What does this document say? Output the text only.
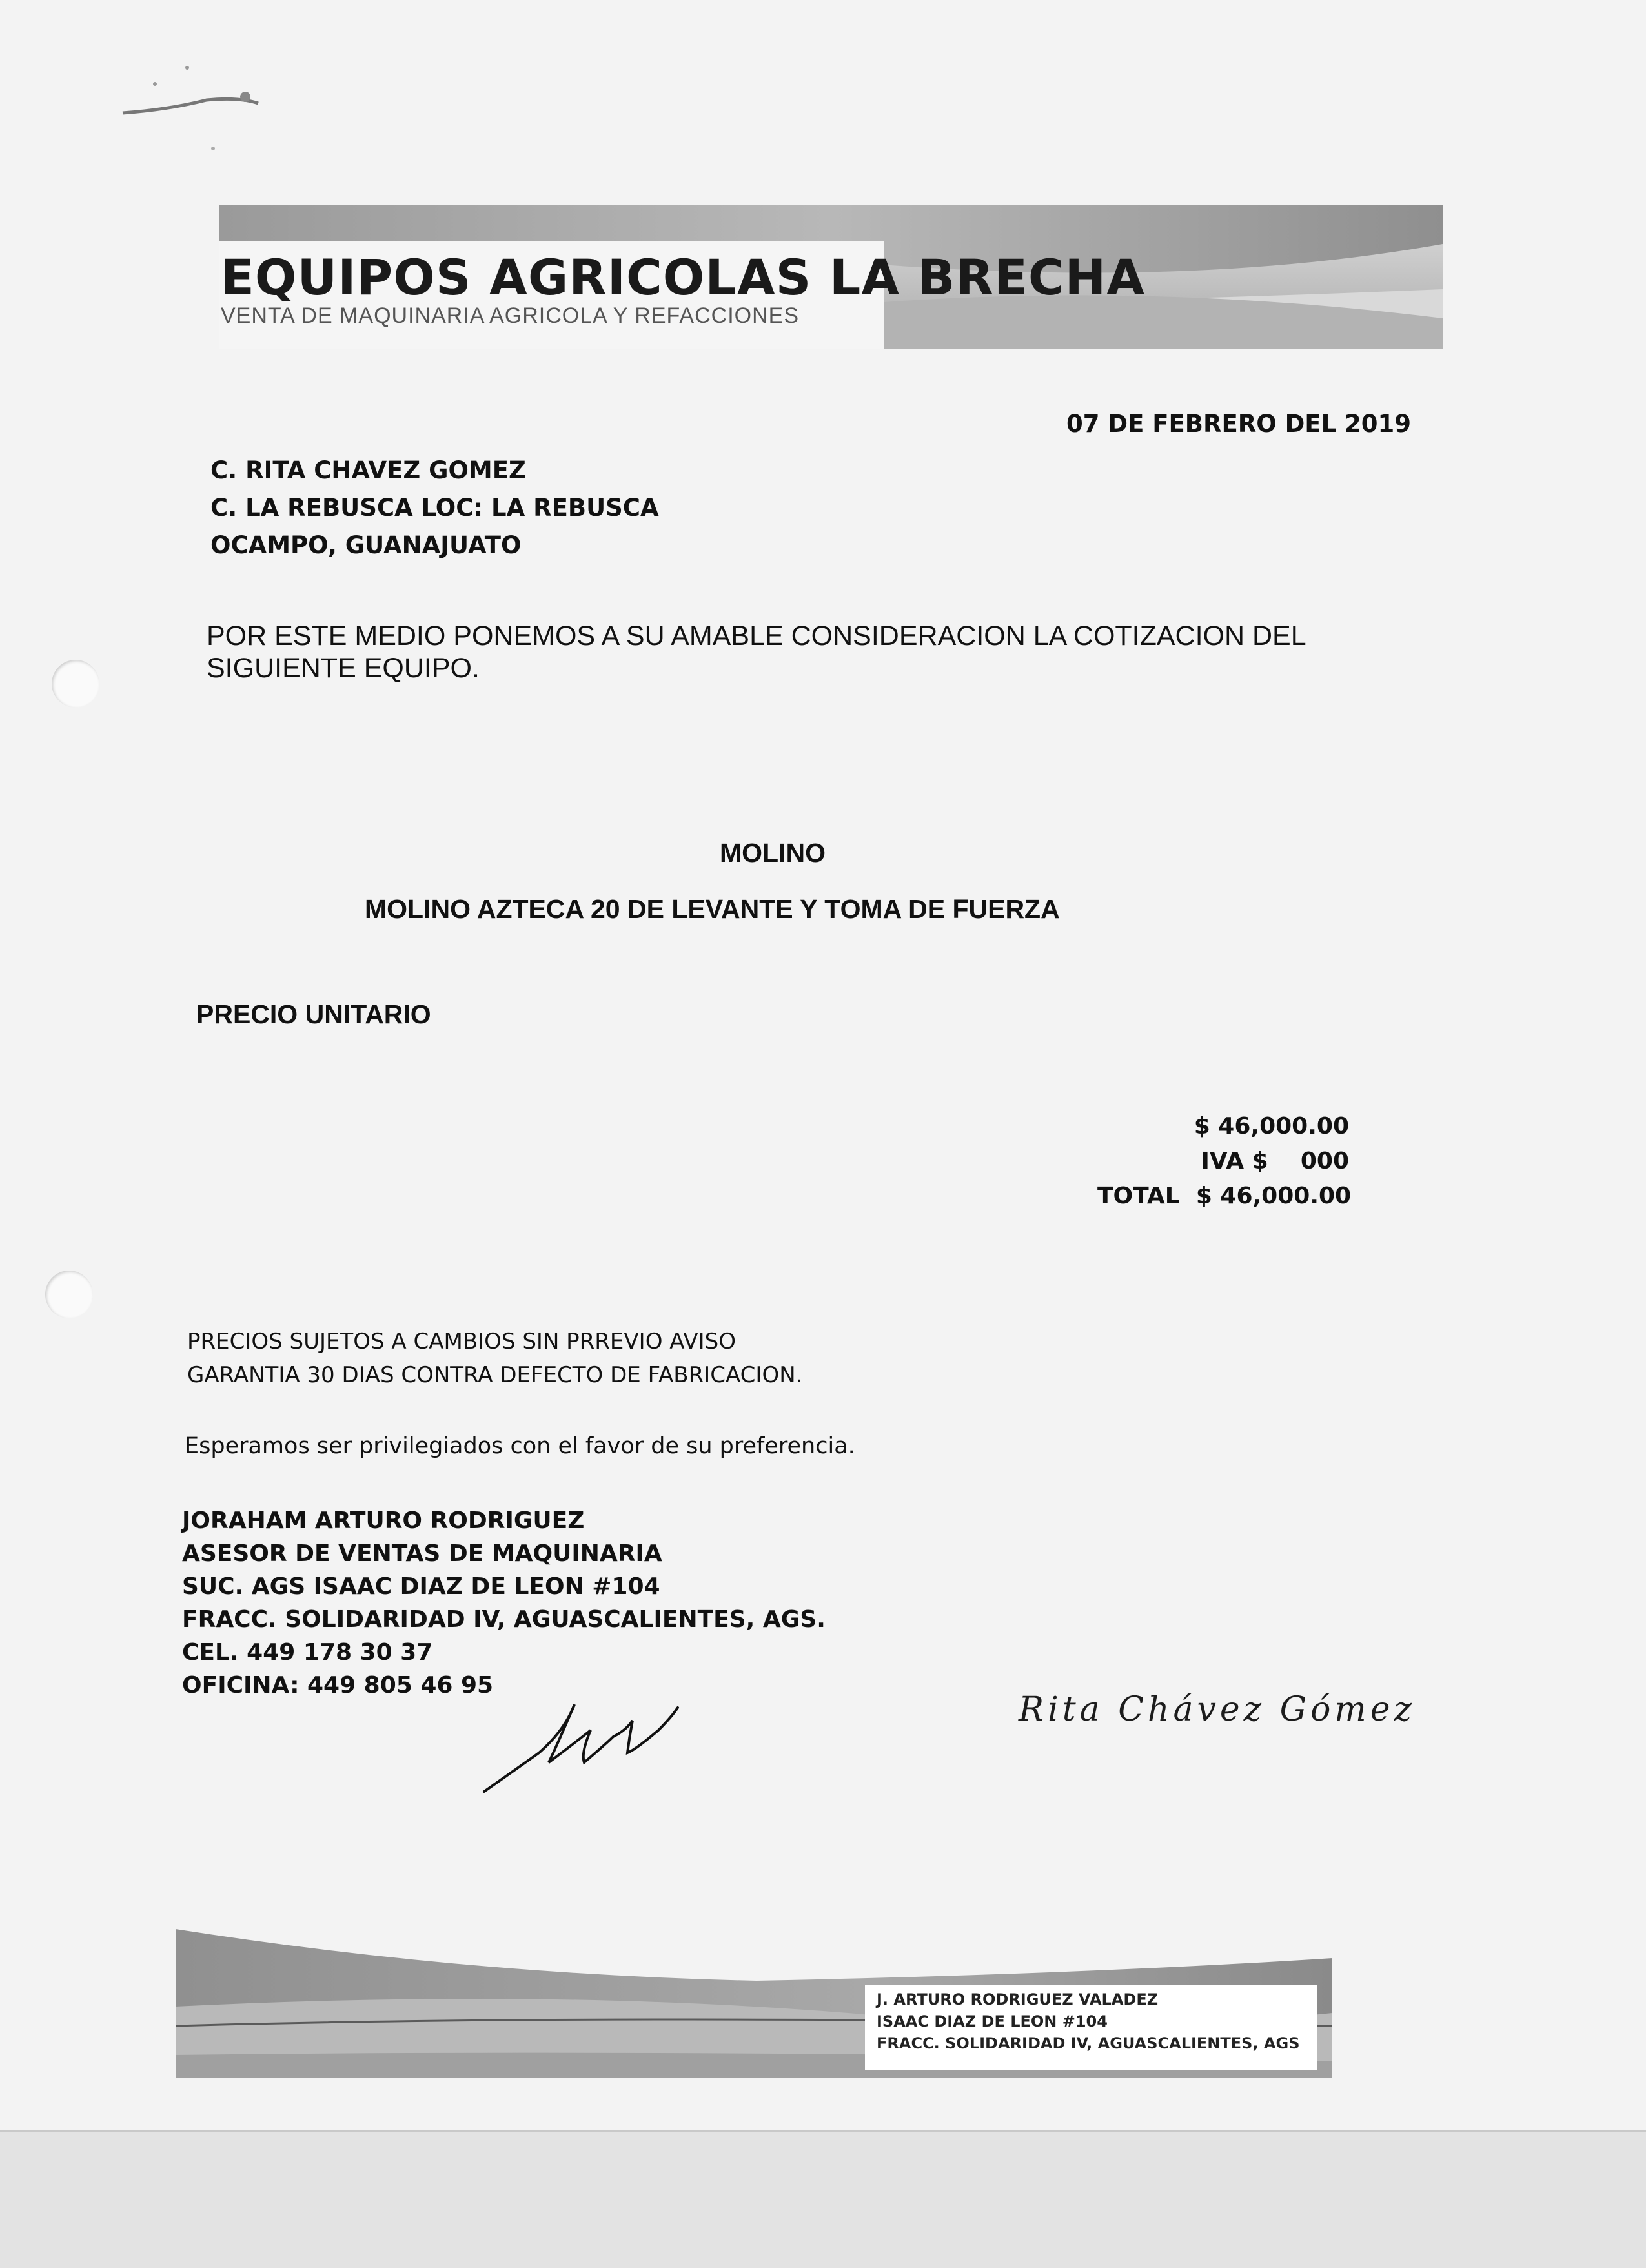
EQUIPOS AGRICOLAS LA BRECHA
VENTA DE MAQUINARIA AGRICOLA Y REFACCIONES
07 DE FEBRERO DEL 2019
C. RITA CHAVEZ GOMEZ
C. LA REBUSCA LOC: LA REBUSCA
OCAMPO, GUANAJUATO
POR ESTE MEDIO PONEMOS A SU AMABLE CONSIDERACION LA COTIZACION DEL
SIGUIENTE EQUIPO.
MOLINO
MOLINO AZTECA 20 DE LEVANTE Y TOMA DE FUERZA
PRECIO UNITARIO
$ 46,000.00
IVA $ 000
TOTAL $ 46,000.00
PRECIOS SUJETOS A CAMBIOS SIN PRREVIO AVISO
GARANTIA 30 DIAS CONTRA DEFECTO DE FABRICACION.
Esperamos ser privilegiados con el favor de su preferencia.
JORAHAM ARTURO RODRIGUEZ
ASESOR DE VENTAS DE MAQUINARIA
SUC. AGS ISAAC DIAZ DE LEON #104
FRACC. SOLIDARIDAD IV, AGUASCALIENTES, AGS.
CEL. 449 178 30 37
OFICINA: 449 805 46 95
Rita Chávez Gómez
J. ARTURO RODRIGUEZ VALADEZ
ISAAC DIAZ DE LEON #104
FRACC. SOLIDARIDAD IV, AGUASCALIENTES, AGS
